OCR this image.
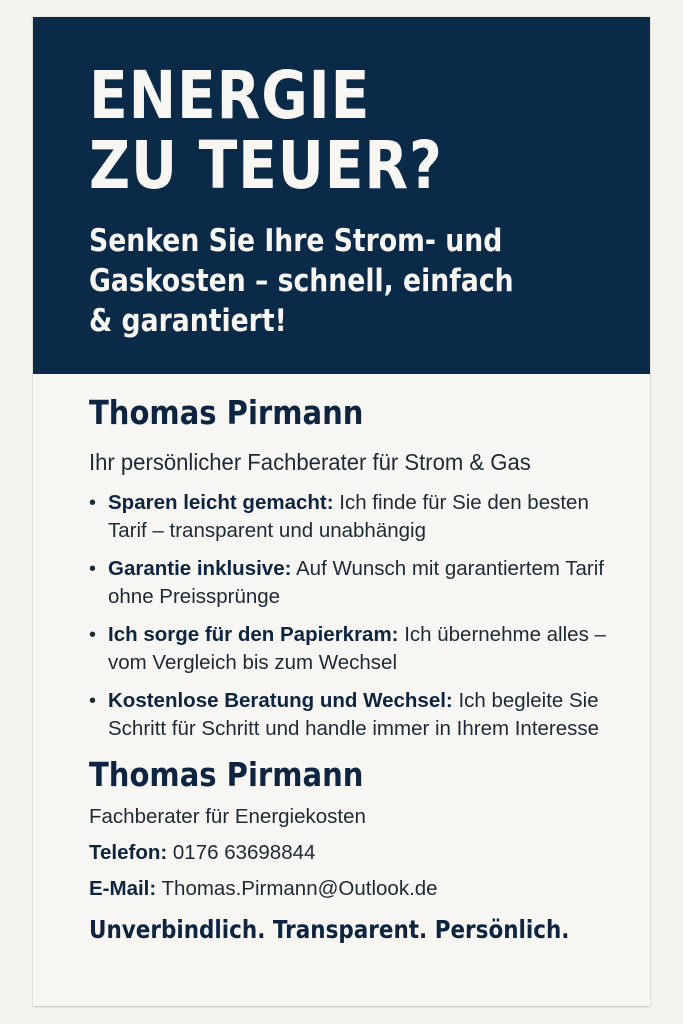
ENERGIE
ZU TEUER?
Senken Sie Ihre Strom- und
Gaskosten – schnell, einfach
& garantiert!
Thomas Pirmann

Ihr persönlicher Fachberater für Strom & Gas

• Sparen leicht gemacht: Ich finde für Sie den besten Tarif – transparent und unabhängig
• Garantie inklusive: Auf Wunsch mit garantiertem Tarif ohne Preissprünge
• Ich sorge für den Papierkram: Ich übernehme alles – vom Vergleich bis zum Wechsel
• Kostenlose Beratung und Wechsel: Ich begleite Sie Schritt für Schritt und handle immer in Ihrem Interesse
Thomas Pirmann

Fachberater für Energiekosten

Telefon: 0176 63698844

E-Mail: Thomas.Pirmann@Outlook.de

Unverbindlich. Transparent. Persönlich.
